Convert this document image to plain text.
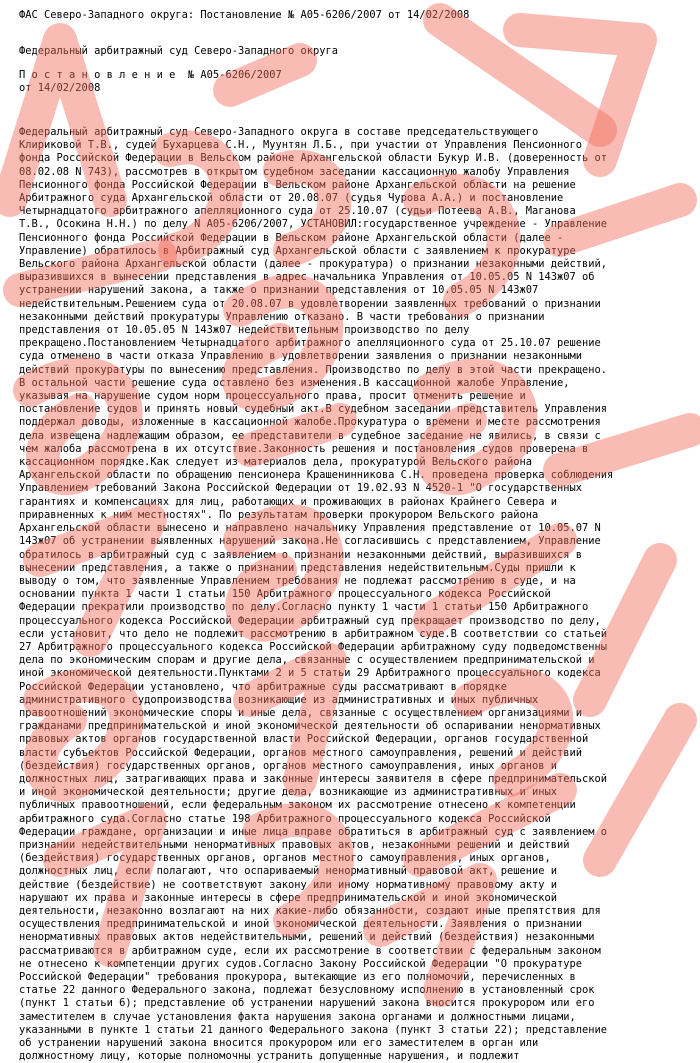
ФАС Северо-Западного округа: Постановление № А05-6206/2007 от 14/02/2008
Федеральный арбитражный суд Северо-Западного округа
П о с т а н о в л е н и е  № А05-6206/2007
от 14/02/2008
Федеральный арбитражный суд Северо-Западного округа в составе председательствующего
Клириковой Т.В., судей Бухарцева С.Н., Муунтян Л.Б., при участии от Управления Пенсионного
фонда Российской Федерации в Вельском районе Архангельской области Букур И.В. (доверенность от
08.02.08 N 743), рассмотрев в открытом судебном заседании кассационную жалобу Управления
Пенсионного фонда Российской Федерации в Вельском районе Архангельской области на решение
Арбитражного суда Архангельской области от 20.08.07 (судья Чурова А.А.) и постановление
Четырнадцатого арбитражного апелляционного суда от 25.10.07 (судьи Потеева А.В., Маганова
Т.В., Осокина Н.Н.) по делу N А05-6206/2007, УСТАНОВИЛ:государственное учреждение - Управление
Пенсионного фонда Российской Федерации в Вельском районе Архангельской области (далее -
Управление) обратилось в Арбитражный суд Архангельской области с заявлением к прокуратуре
Вельского района Архангельской области (далее - прокуратура) о признании незаконными действий,
выразившихся в вынесении представления в адрес начальника Управления от 10.05.05 N 143ж07 об
устранении нарушений закона, а также о признании представления от 10.05.05 N 143ж07
недействительным.Решением суда от 20.08.07 в удовлетворении заявленных требований о признании
незаконными действий прокуратуры Управлению отказано. В части требования о признании
представления от 10.05.05 N 143ж07 недействительным производство по делу
прекращено.Постановлением Четырнадцатого арбитражного апелляционного суда от 25.10.07 решение
суда отменено в части отказа Управлению в удовлетворении заявления о признании незаконными
действий прокуратуры по вынесению представления. Производство по делу в этой части прекращено.
В остальной части решение суда оставлено без изменения.В кассационной жалобе Управление,
указывая на нарушение судом норм процессуального права, просит отменить решение и
постановление судов и принять новый судебный акт.В судебном заседании представитель Управления
поддержал доводы, изложенные в кассационной жалобе.Прокуратура о времени и месте рассмотрения
дела извещена надлежащим образом, ее представители в судебное заседание не явились, в связи с
чем жалоба рассмотрена в их отсутствие.Законность решения и постановления судов проверена в
кассационном порядке.Как следует из материалов дела, прокуратурой Вельского района
Архангельской области по обращению пенсионера Крашенинникова С.Н. проведена проверка соблюдения
Управлением требований Закона Российской Федерации от 19.02.93 N 4520-1 "О государственных
гарантиях и компенсациях для лиц, работающих и проживающих в районах Крайнего Севера и
приравненных к ним местностях". По результатам проверки прокурором Вельского района
Архангельской области вынесено и направлено начальнику Управления представление от 10.05.07 N
143ж07 об устранении выявленных нарушений закона.Не согласившись с представлением, Управление
обратилось в арбитражный суд с заявлением о признании незаконными действий, выразившихся в
вынесении представления, а также о признании представления недействительным.Суды пришли к
выводу о том, что заявленные Управлением требования не подлежат рассмотрению в суде, и на
основании пункта 1 части 1 статьи 150 Арбитражного процессуального кодекса Российской
Федерации прекратили производство по делу.Согласно пункту 1 части 1 статьи 150 Арбитражного
процессуального кодекса Российской Федерации арбитражный суд прекращает производство по делу,
если установит, что дело не подлежит рассмотрению в арбитражном суде.В соответствии со статьей
27 Арбитражного процессуального кодекса Российской Федерации арбитражному суду подведомственны
дела по экономическим спорам и другие дела, связанные с осуществлением предпринимательской и
иной экономической деятельности.Пунктами 2 и 5 статьи 29 Арбитражного процессуального кодекса
Российской Федерации установлено, что арбитражные суды рассматривают в порядке
административного судопроизводства возникающие из административных и иных публичных
правоотношений экономические споры и иные дела, связанные с осуществлением организациями и
гражданами предпринимательской и иной экономической деятельности об оспаривании ненормативных
правовых актов органов государственной власти Российской Федерации, органов государственной
власти субъектов Российской Федерации, органов местного самоуправления, решений и действий
(бездействия) государственных органов, органов местного самоуправления, иных органов и
должностных лиц, затрагивающих права и законные интересы заявителя в сфере предпринимательской
и иной экономической деятельности; другие дела, возникающие из административных и иных
публичных правоотношений, если федеральным законом их рассмотрение отнесено к компетенции
арбитражного суда.Согласно статье 198 Арбитражного процессуального кодекса Российской
Федерации граждане, организации и иные лица вправе обратиться в арбитражный суд с заявлением о
признании недействительными ненормативных правовых актов, незаконными решений и действий
(бездействия) государственных органов, органов местного самоуправления, иных органов,
должностных лиц, если полагают, что оспариваемый ненормативный правовой акт, решение и
действие (бездействие) не соответствуют закону или иному нормативному правовому акту и
нарушают их права и законные интересы в сфере предпринимательской и иной экономической
деятельности, незаконно возлагают на них какие-либо обязанности, создают иные препятствия для
осуществления предпринимательской и иной экономической деятельности. Заявления о признании
ненормативных правовых актов недействительными, решений и действий (бездействия) незаконными
рассматриваются в арбитражном суде, если их рассмотрение в соответствии с федеральным законом
не отнесено к компетенции других судов.Согласно Закону Российской Федерации "О прокуратуре
Российской Федерации" требования прокурора, вытекающие из его полномочий, перечисленных в
статье 22 данного Федерального закона, подлежат безусловному исполнению в установленный срок
(пункт 1 статьи 6); представление об устранении нарушений закона вносится прокурором или его
заместителем в случае установления факта нарушения закона органами и должностными лицами,
указанными в пункте 1 статьи 21 данного Федерального закона (пункт 3 статьи 22); представление
об устранении нарушений закона вносится прокурором или его заместителем в орган или
должностному лицу, которые полномочны устранить допущенные нарушения, и подлежит
